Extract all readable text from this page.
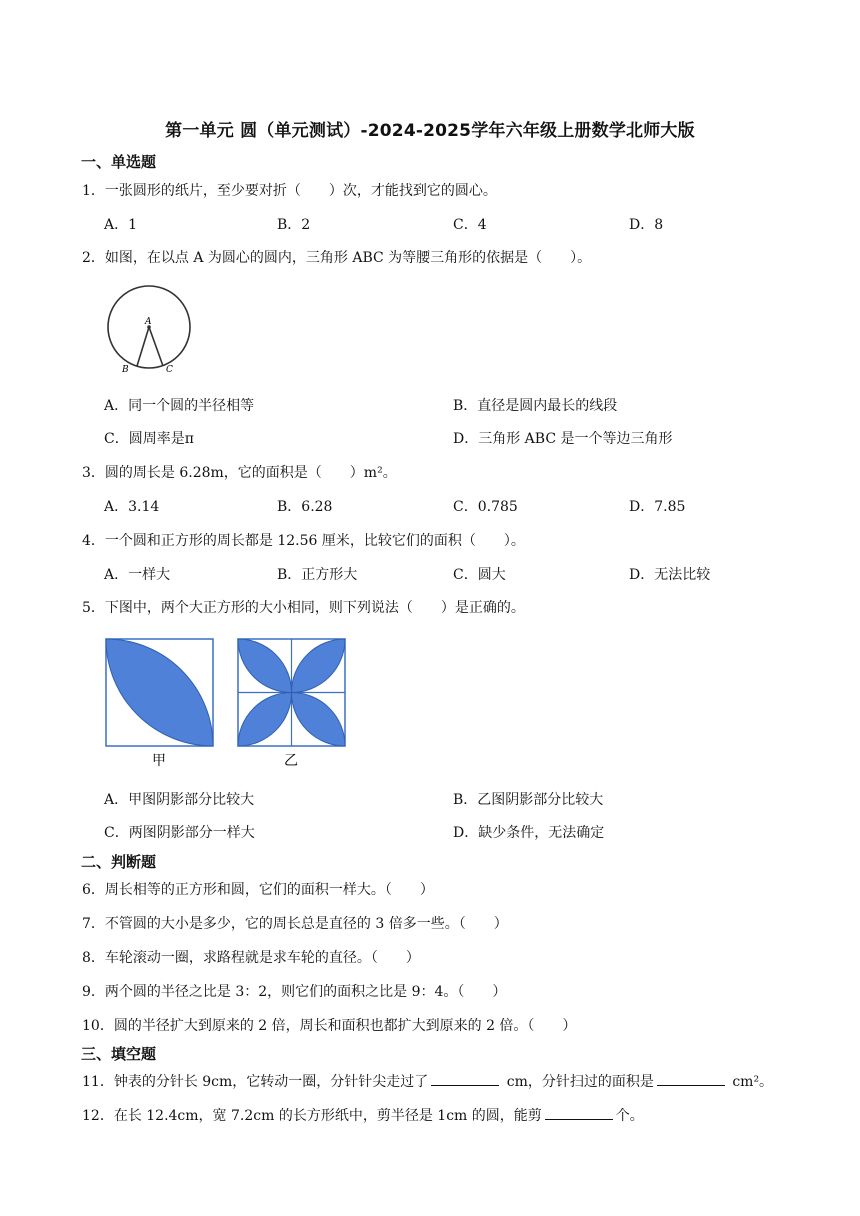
第一单元 圆（单元测试）-2024-2025学年六年级上册数学北师大版
一、单选题
1．一张圆形的纸片，至少要对折（　　）次，才能找到它的圆心。
A．1	B．2	C．4	D．8
2．如图，在以点 A 为圆心的圆内，三角形 ABC 为等腰三角形的依据是（　　）。
A
B	C
A．同一个圆的半径相等	B．直径是圆内最长的线段
C．圆周率是π	D．三角形 ABC 是一个等边三角形
3．圆的周长是 6.28m，它的面积是（　　）m²。
A．3.14	B．6.28	C．0.785	D．7.85
4．一个圆和正方形的周长都是 12.56 厘米，比较它们的面积（　　）。
A．一样大	B．正方形大	C．圆大	D．无法比较
5．下图中，两个大正方形的大小相同，则下列说法（　　）是正确的。
甲	乙
A．甲图阴影部分比较大	B．乙图阴影部分比较大
C．两图阴影部分一样大	D．缺少条件，无法确定
二、判断题
6．周长相等的正方形和圆，它们的面积一样大。（　　）
7．不管圆的大小是多少，它的周长总是直径的 3 倍多一些。（　　）
8．车轮滚动一圈，求路程就是求车轮的直径。（　　）
9．两个圆的半径之比是 3：2，则它们的面积之比是 9：4。（　　）
10．圆的半径扩大到原来的 2 倍，周长和面积也都扩大到原来的 2 倍。（　　）
三、填空题
11．钟表的分针长 9cm，它转动一圈，分针针尖走过了	cm，分针扫过的面积是	cm²。
12．在长 12.4cm，宽 7.2cm 的长方形纸中，剪半径是 1cm 的圆，能剪	个。
